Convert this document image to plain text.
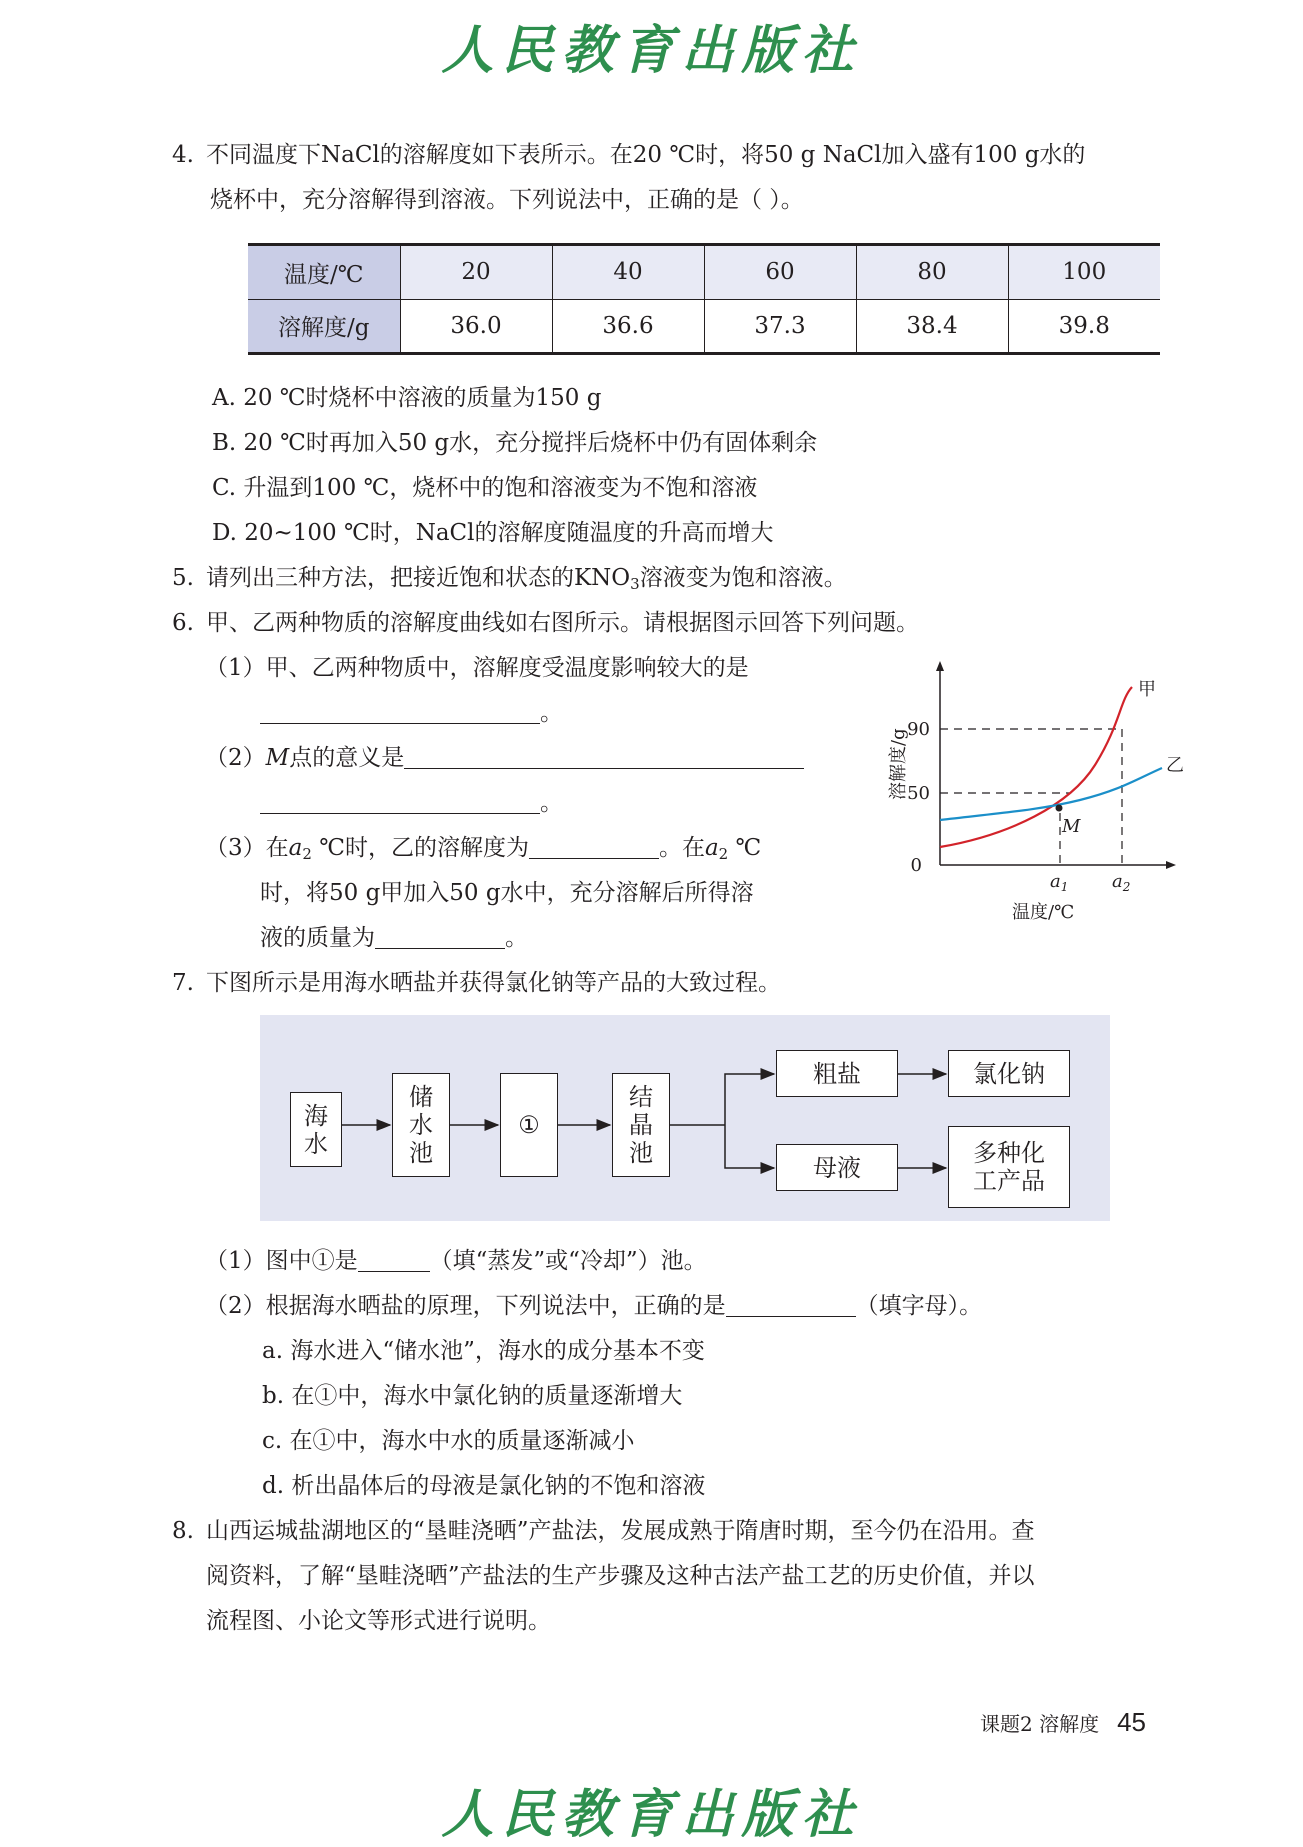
人民教育出版社
4. 不同温度下NaCl的溶解度如下表所示。在20 ℃时，将50 g NaCl加入盛有100 g水的
烧杯中，充分溶解得到溶液。下列说法中，正确的是（ ）。
温度/℃	20	40	60	80	100
溶解度/g	36.0	36.6	37.3	38.4	39.8
A. 20 ℃时烧杯中溶液的质量为150 g
B. 20 ℃时再加入50 g水，充分搅拌后烧杯中仍有固体剩余
C. 升温到100 ℃，烧杯中的饱和溶液变为不饱和溶液
D. 20~100 ℃时，NaCl的溶解度随温度的升高而增大
5. 请列出三种方法，把接近饱和状态的$KNO_3$溶液变为饱和溶液。
6. 甲、乙两种物质的溶解度曲线如右图所示。请根据图示回答下列问题。
（1）甲、乙两种物质中，溶解度受温度影响较大的是
。
（2）M点的意义是
。
（3）在$a_2$ ℃时，乙的溶解度为	。在$a_2$ ℃
时，将50 g甲加入50 g水中，充分溶解后所得溶
液的质量为	。
M
甲
乙
90
50
0
$a_1$ $a_2$
温度/℃
溶解度/g
7. 下图所示是用海水晒盐并获得氯化钠等产品的大致过程。
海水
储水池
①
结晶池
粗盐	氯化钠
母液
多种化
工产品
（1）图中①是	（填“蒸发”或“冷却”）池。
（2）根据海水晒盐的原理，下列说法中，正确的是	（填字母）。
a. 海水进入“储水池”，海水的成分基本不变
b. 在①中，海水中氯化钠的质量逐渐增大
c. 在①中，海水中水的质量逐渐减小
d. 析出晶体后的母液是氯化钠的不饱和溶液
8. 山西运城盐湖地区的“垦畦浇晒”产盐法，发展成熟于隋唐时期，至今仍在沿用。查
阅资料，了解“垦畦浇晒”产盐法的生产步骤及这种古法产盐工艺的历史价值，并以
流程图、小论文等形式进行说明。
课题2 溶解度 45
人民教育出版社
